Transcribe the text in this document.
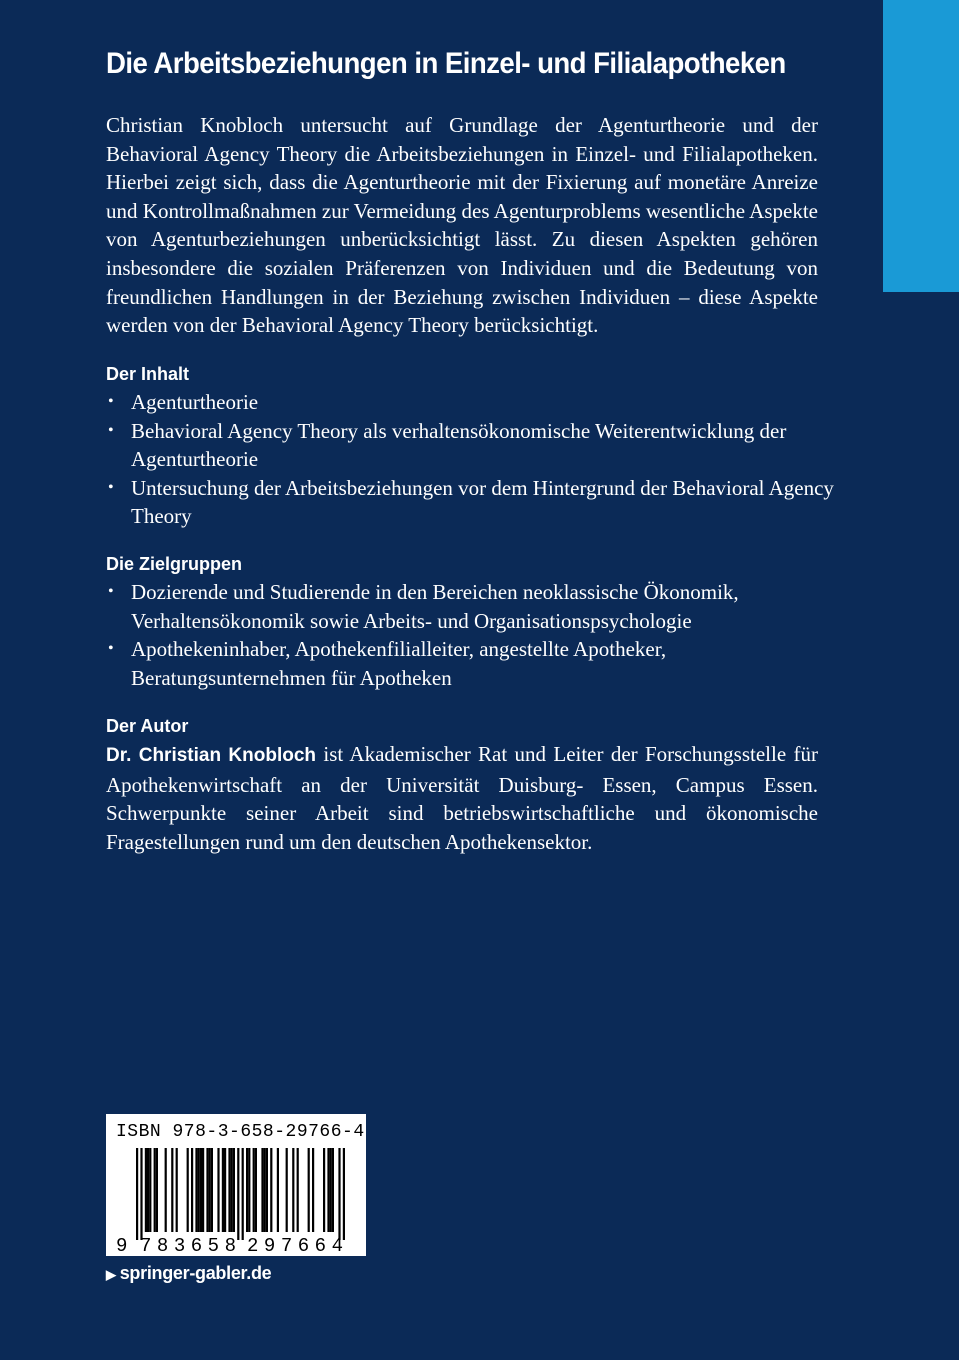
Die Arbeitsbeziehungen in Einzel- und Filialapotheken

Christian Knobloch untersucht auf Grundlage der Agenturtheorie und der Behavioral Agency Theory die Arbeitsbeziehungen in Einzel- und Filialapotheken. Hierbei zeigt sich, dass die Agenturtheorie mit der Fixierung auf monetäre Anreize und Kontrollmaßnahmen zur Vermeidung des Agenturproblems wesentliche Aspekte von Agenturbeziehungen unberücksichtigt lässt. Zu diesen Aspekten gehören insbesondere die sozialen Präferenzen von Individuen und die Bedeutung von freundlichen Handlungen in der Beziehung zwischen Individuen – diese Aspekte werden von der Behavioral Agency Theory berücksichtigt.

Der Inhalt
• Agenturtheorie
• Behavioral Agency Theory als verhaltensökonomische Weiterentwicklung der Agenturtheorie
• Untersuchung der Arbeitsbeziehungen vor dem Hintergrund der Behavioral Agency Theory
Die Zielgruppen
• Dozierende und Studierende in den Bereichen neoklassische Ökonomik, Verhaltensökonomik sowie Arbeits- und Organisationspsychologie
• Apothekeninhaber, Apothekenfilialleiter, angestellte Apotheker, Beratungsunternehmen für Apotheken
Der Autor

Dr. Christian Knobloch ist Akademischer Rat und Leiter der Forschungsstelle für Apothekenwirtschaft an der Universität Duisburg- Essen, Campus Essen. Schwerpunkte seiner Arbeit sind betriebswirtschaftliche und ökonomische Fragestellungen rund um den deutschen Apothekensektor.

9 783658 297664
ISBN 978-3-658-29766-4
▶ springer-gabler.de
